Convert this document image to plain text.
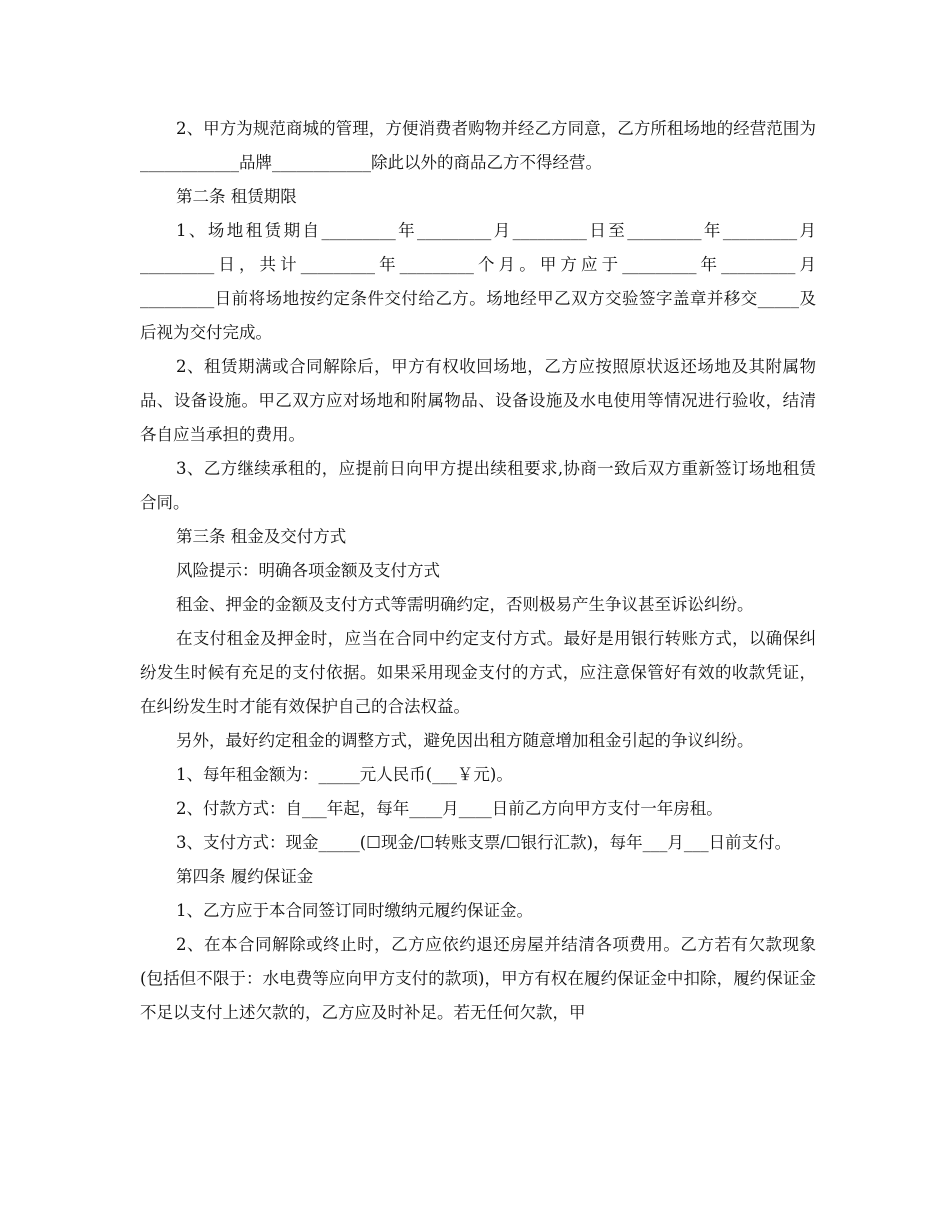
2、甲方为规范商城的管理，方便消费者购物并经乙方同意，乙方所租场地的经营范围为____________品牌____________除此以外的商品乙方不得经营。

第二条 租赁期限

1、场地租赁期自_________年_________月_________日至_________年_________月_________日，共计_________年_________个月。甲方应于_________年_________月_________日前将场地按约定条件交付给乙方。场地经甲乙双方交验签字盖章并移交_____及后视为交付完成。

2、租赁期满或合同解除后，甲方有权收回场地，乙方应按照原状返还场地及其附属物品、设备设施。甲乙双方应对场地和附属物品、设备设施及水电使用等情况进行验收，结清各自应当承担的费用。

3、乙方继续承租的，应提前日向甲方提出续租要求,协商一致后双方重新签订场地租赁合同。

第三条 租金及交付方式

风险提示：明确各项金额及支付方式

租金、押金的金额及支付方式等需明确约定，否则极易产生争议甚至诉讼纠纷。

在支付租金及押金时，应当在合同中约定支付方式。最好是用银行转账方式，以确保纠纷发生时候有充足的支付依据。如果采用现金支付的方式，应注意保管好有效的收款凭证，在纠纷发生时才能有效保护自己的合法权益。

另外，最好约定租金的调整方式，避免因出租方随意增加租金引起的争议纠纷。

1、每年租金额为：_____元人民币(___￥元)。

2、付款方式：自___年起，每年____月____日前乙方向甲方支付一年房租。

3、支付方式：现金_____(☐现金/☐转账支票/☐银行汇款)，每年___月___日前支付。

第四条 履约保证金

1、乙方应于本合同签订同时缴纳元履约保证金。

2、在本合同解除或终止时，乙方应依约退还房屋并结清各项费用。乙方若有欠款现象(包括但不限于：水电费等应向甲方支付的款项)，甲方有权在履约保证金中扣除，履约保证金不足以支付上述欠款的，乙方应及时补足。若无任何欠款，甲
